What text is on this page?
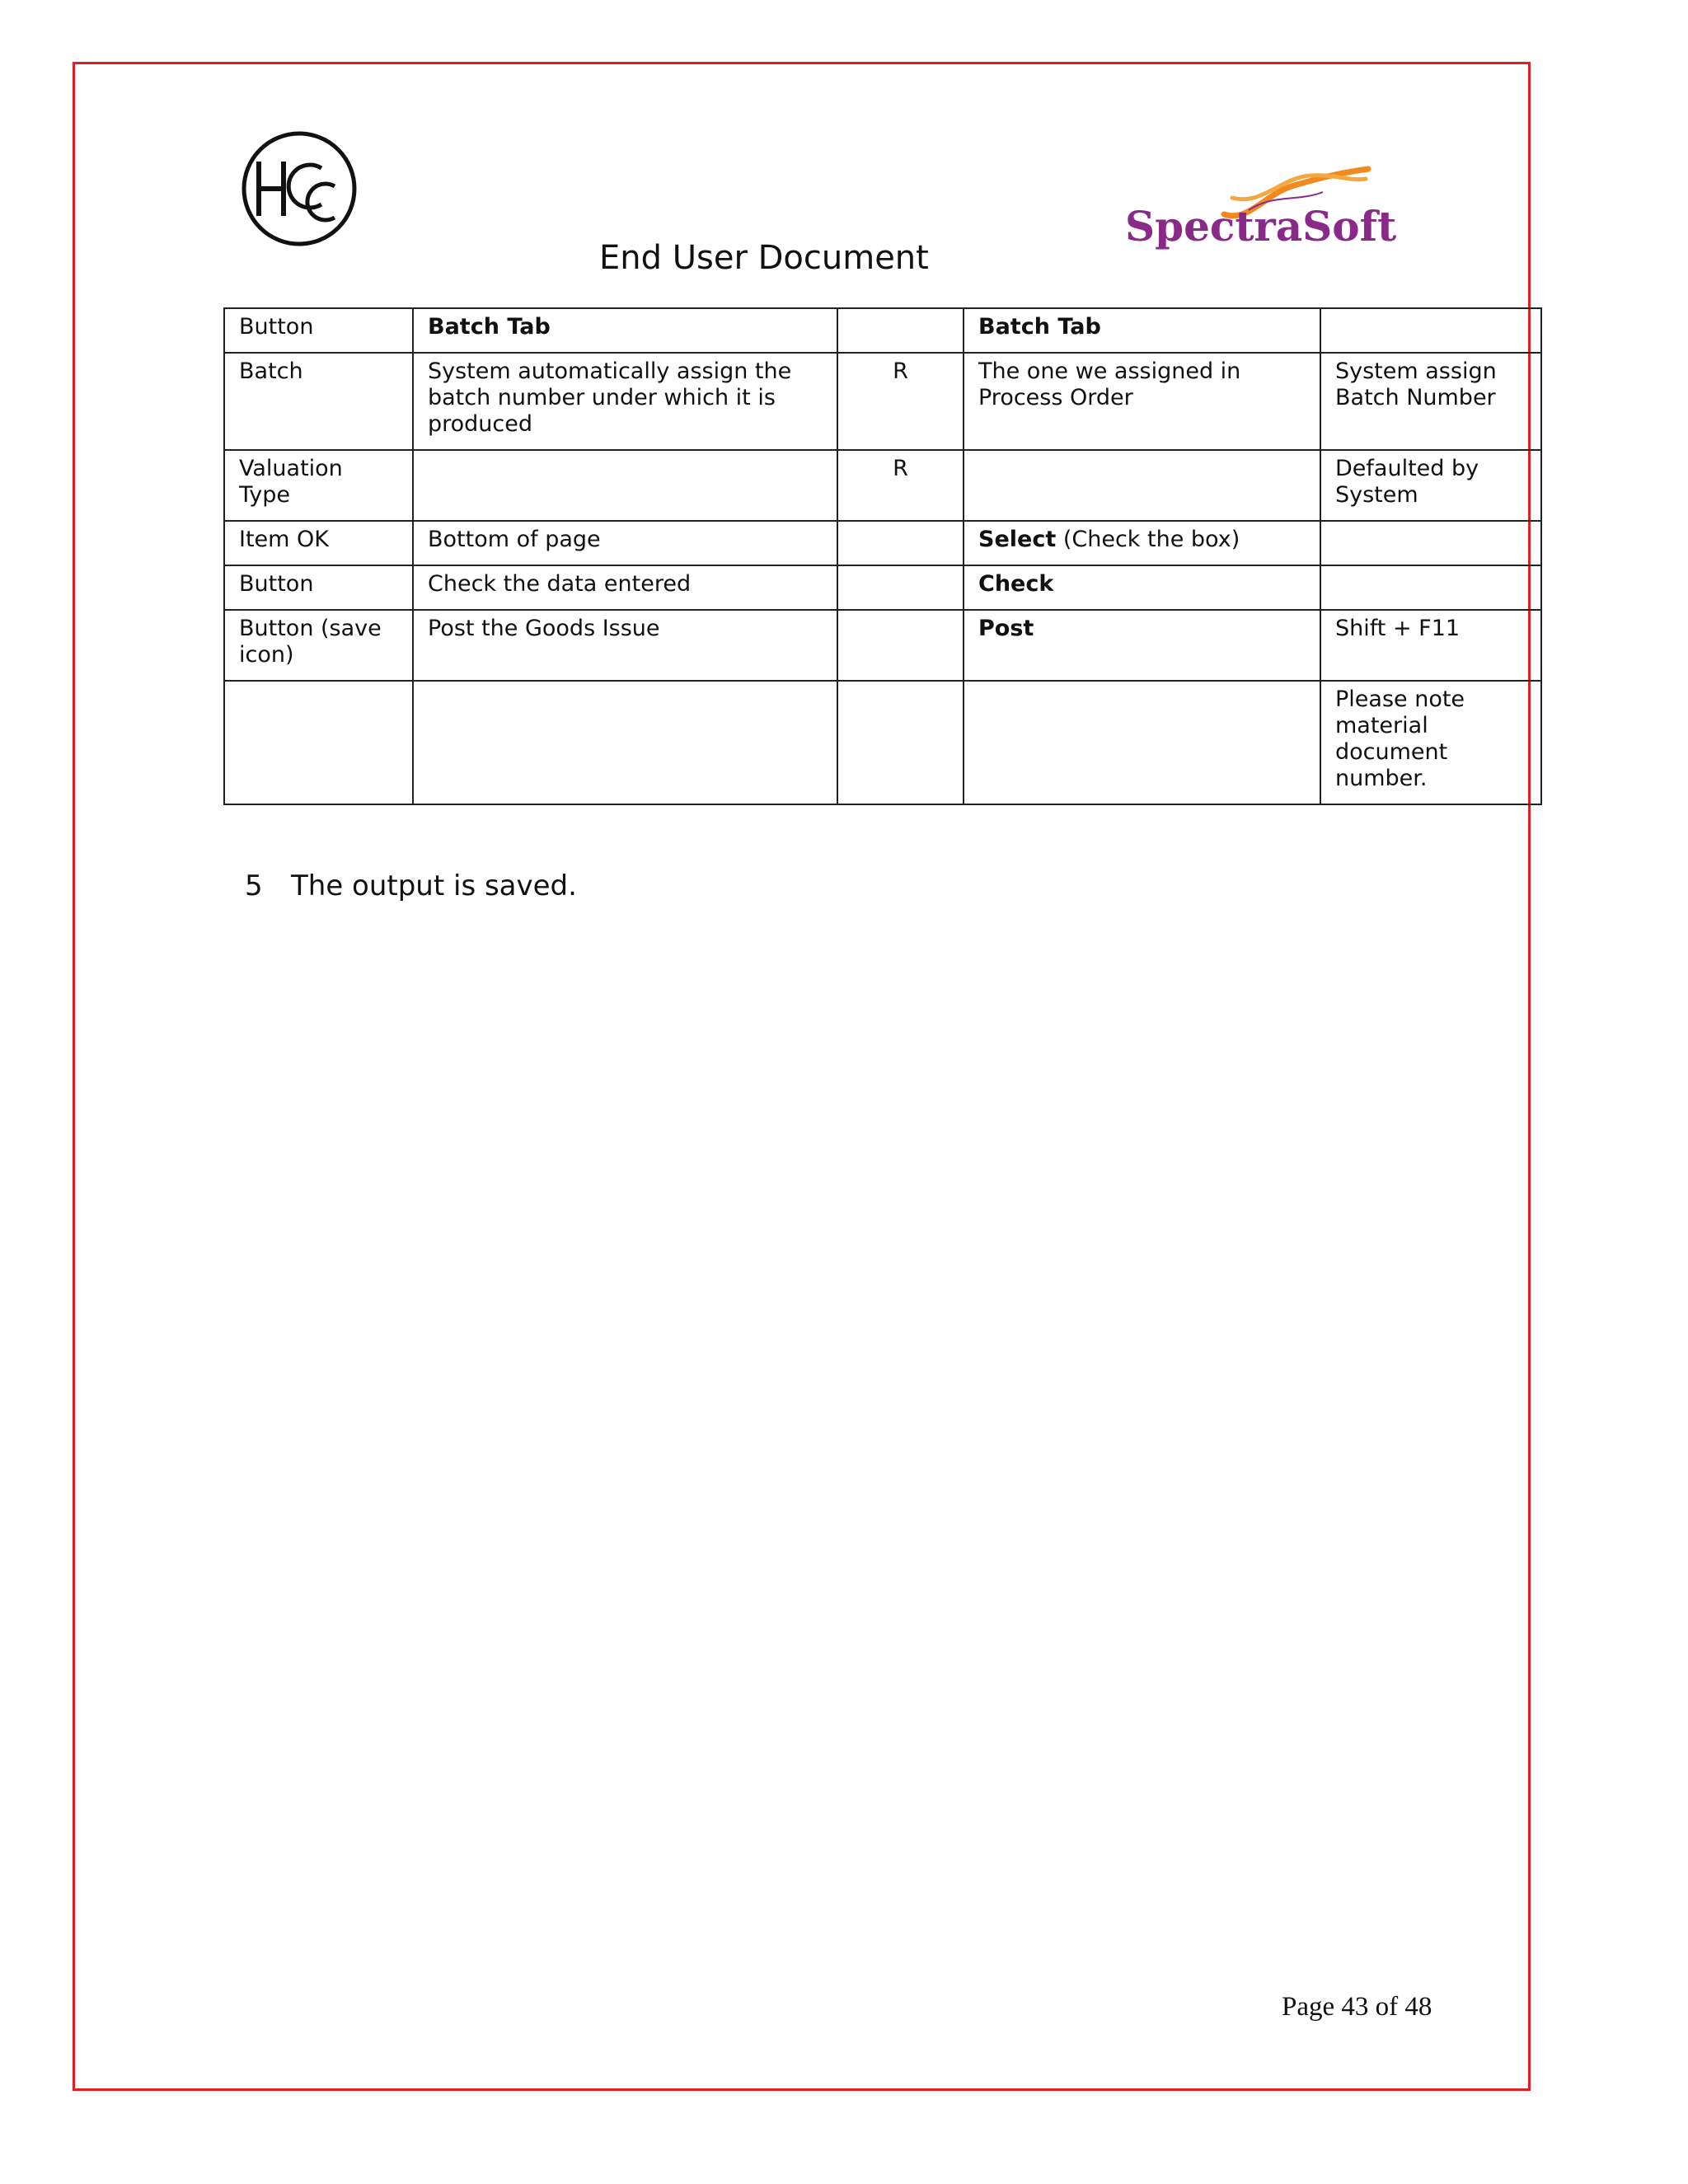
SpectraSoft
End User Document
Button	Batch Tab		Batch Tab	
Batch	System automatically assign the batch number under which it is produced	R	The one we assigned in Process Order	System assign Batch Number
Valuation Type		R		Defaulted by System
Item OK	Bottom of page		Select (Check the box)	
Button	Check the data entered		Check	
Button (save icon)	Post the Goods Issue		Post	Shift + F11
				Please note material document number.
5 The output is saved.
Page 43 of 48
